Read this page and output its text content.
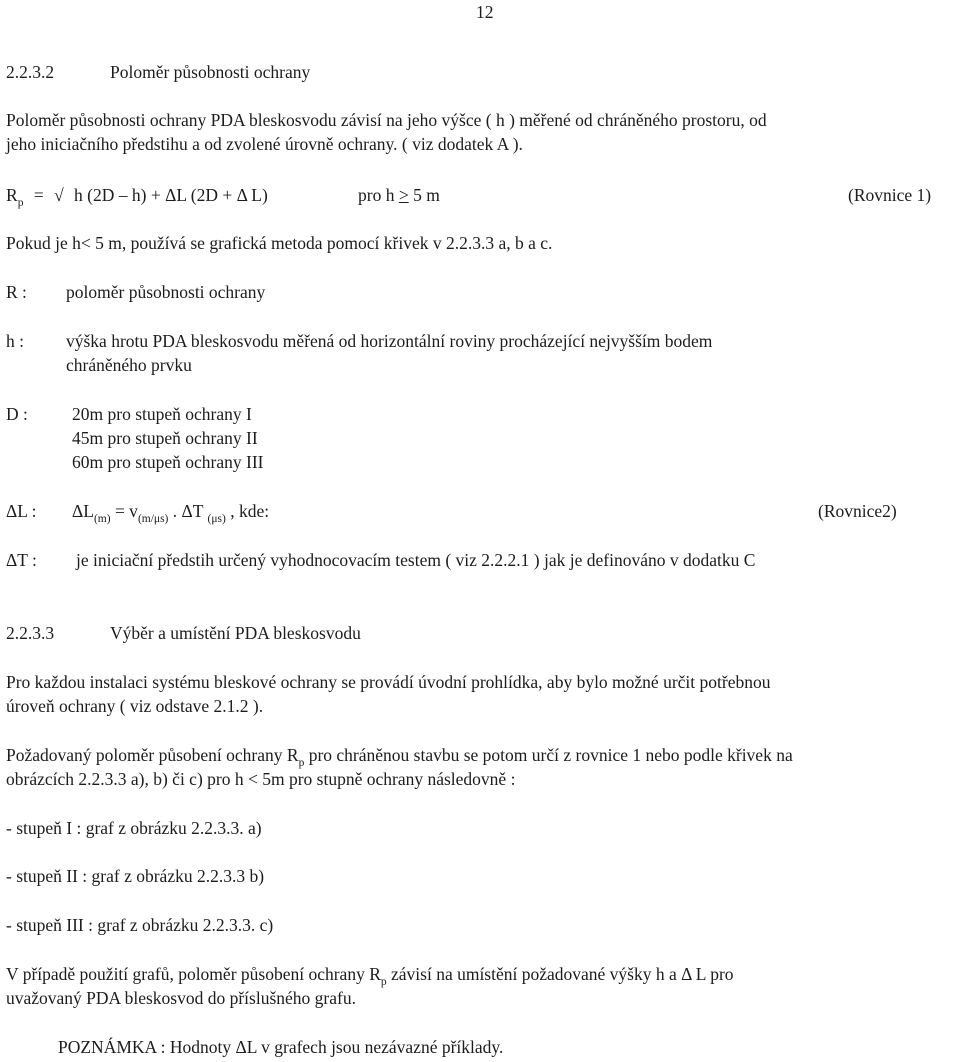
12
2.2.3.2	Poloměr působnosti ochrany
Poloměr působnosti ochrany PDA bleskosvodu závisí na jeho výšce ( h ) měřené od chráněného prostoru, od
jeho iniciačního předstihu a od zvolené úrovně ochrany. ( viz dodatek A ).
$R_p$ = √ h (2D – h) + ΔL (2D + Δ L)	pro h ≥ 5 m	(Rovnice 1)
Pokud je h< 5 m, používá se grafická metoda pomocí křivek v 2.2.3.3 a, b a c.
R : poloměr působnosti ochrany
h : výška hrotu PDA bleskosvodu měřená od horizontální roviny procházející nejvyšším bodem
chráněného prvku
D :	20m pro stupeň ochrany I
45m pro stupeň ochrany II
60m pro stupeň ochrany III
ΔL : $\Delta L_{(m)} = v_{(m/\mu s)}$ . ΔT $_{(\mu s)}$ , kde:	(Rovnice2)
ΔT : je iniciační předstih určený vyhodnocovacím testem ( viz 2.2.2.1 ) jak je definováno v dodatku C
2.2.3.3	Výběr a umístění PDA bleskosvodu
Pro každou instalaci systému bleskové ochrany se provádí úvodní prohlídka, aby bylo možné určit potřebnou
úroveň ochrany ( viz odstave 2.1.2 ).
Požadovaný poloměr působení ochrany $R_p$ pro chráněnou stavbu se potom určí z rovnice 1 nebo podle křivek na
obrázcích 2.2.3.3 a), b) či c) pro h < 5m pro stupně ochrany následovně :
- stupeň I : graf z obrázku 2.2.3.3. a)
- stupeň II : graf z obrázku 2.2.3.3 b)
- stupeň III : graf z obrázku 2.2.3.3. c)
V případě použití grafů, poloměr působení ochrany $R_p$ závisí na umístění požadované výšky h a Δ L pro
uvažovaný PDA bleskosvod do příslušného grafu.
POZNÁMKA : Hodnoty ΔL v grafech jsou nezávazné příklady.
